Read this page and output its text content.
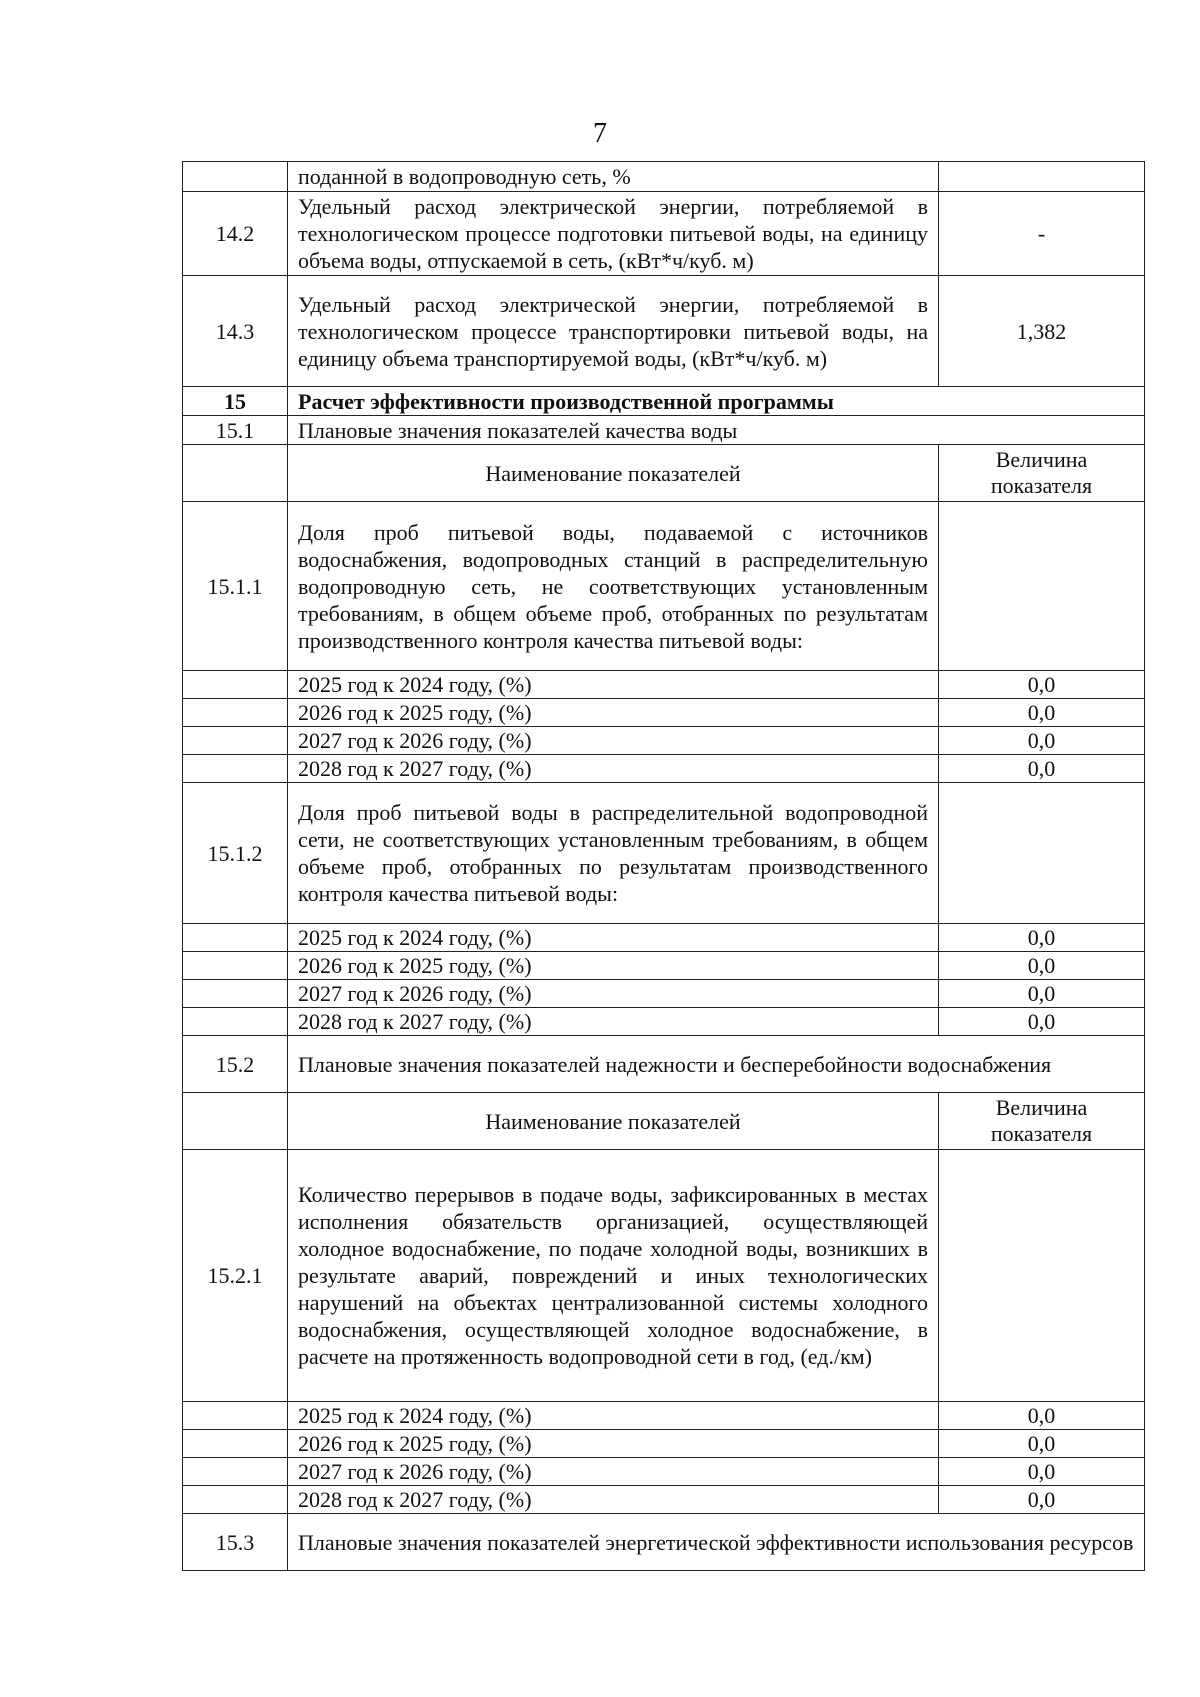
7
	поданной в водопроводную сеть, %	
14.2	Удельный расход электрической энергии, потребляемой в технологическом процессе подготовки питьевой воды, на единицу объема воды, отпускаемой в сеть, (кВт*ч/куб. м)	-
14.3	Удельный расход электрической энергии, потребляемой в технологическом процессе транспортировки питьевой воды, на единицу объема транспортируемой воды, (кВт*ч/куб. м)	1,382
15	Расчет эффективности производственной программы	
15.1	Плановые значения показателей качества воды	
	Наименование показателей	Величина показателя
15.1.1	Доля проб питьевой воды, подаваемой с источников водоснабжения, водопроводных станций в распределительную водопроводную сеть, не соответствующих установленным требованиям, в общем объеме проб, отобранных по результатам производственного контроля качества питьевой воды:	
	2025 год к 2024 году, (%)	0,0
	2026 год к 2025 году, (%)	0,0
	2027 год к 2026 году, (%)	0,0
	2028 год к 2027 году, (%)	0,0
15.1.2	Доля проб питьевой воды в распределительной водопроводной сети, не соответствующих установленным требованиям, в общем объеме проб, отобранных по результатам производственного контроля качества питьевой воды:	
	2025 год к 2024 году, (%)	0,0
	2026 год к 2025 году, (%)	0,0
	2027 год к 2026 году, (%)	0,0
	2028 год к 2027 году, (%)	0,0
15.2	Плановые значения показателей надежности и бесперебойности водоснабжения	
	Наименование показателей	Величина показателя
15.2.1	Количество перерывов в подаче воды, зафиксированных в местах исполнения обязательств организацией, осуществляющей холодное водоснабжение, по подаче холодной воды, возникших в результате аварий, повреждений и иных технологических нарушений на объектах централизованной системы холодного водоснабжения, осуществляющей холодное водоснабжение, в расчете на протяженность водопроводной сети в год, (ед./км)	
	2025 год к 2024 году, (%)	0,0
	2026 год к 2025 году, (%)	0,0
	2027 год к 2026 году, (%)	0,0
	2028 год к 2027 году, (%)	0,0
15.3	Плановые значения показателей энергетической эффективности использования ресурсов	
